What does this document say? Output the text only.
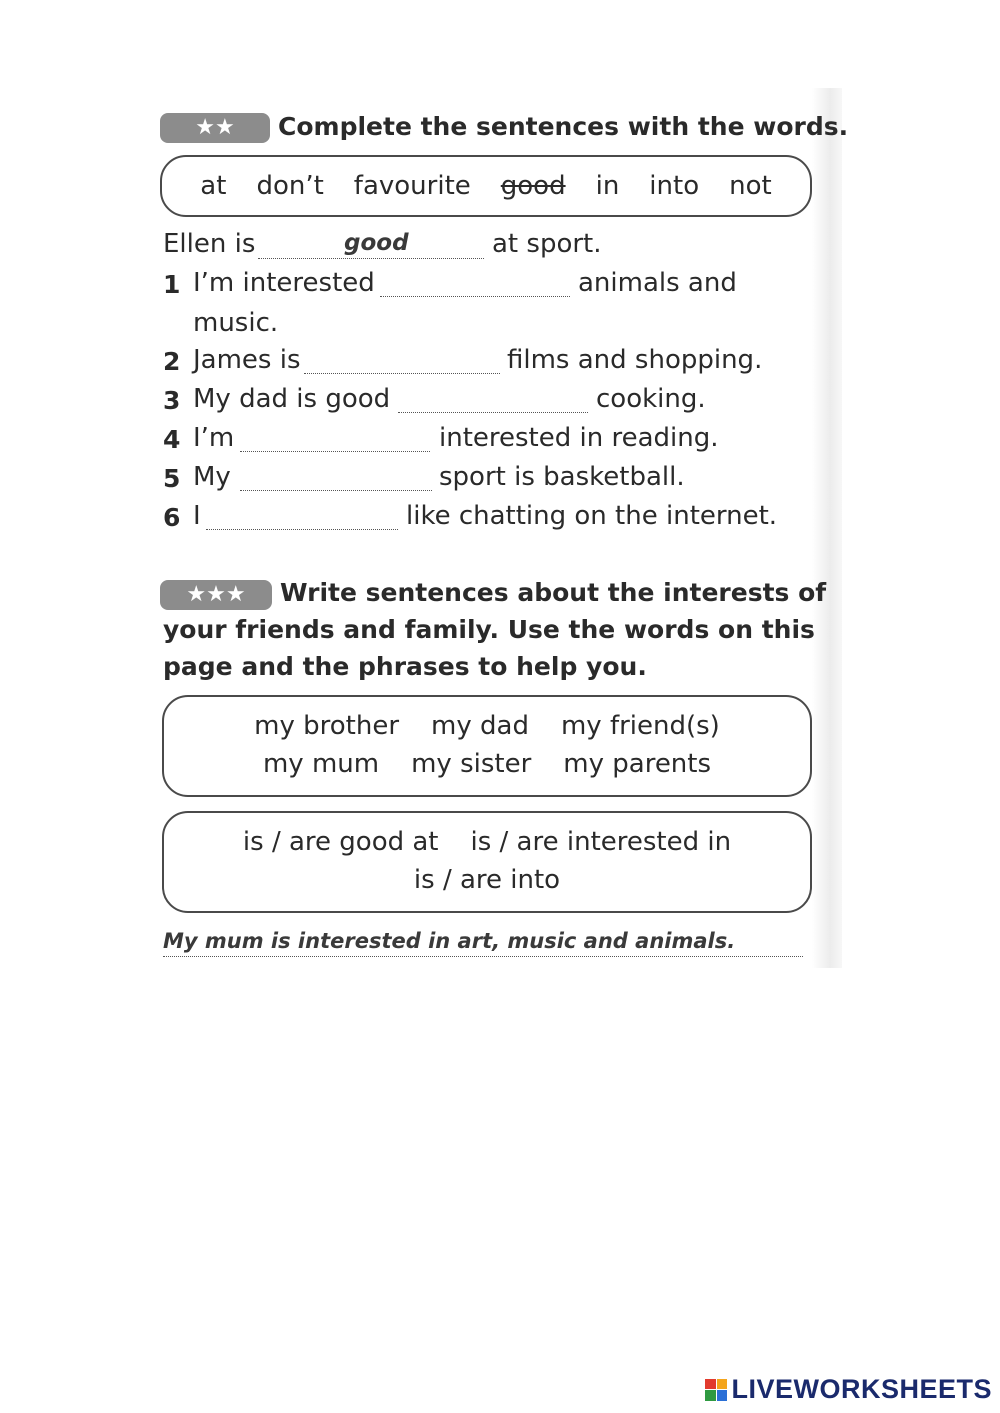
★★ Complete the sentences with the words.
at don’t favourite good in into not
Ellen is	good	at sport.
1 I’m interested	animals and
music.
2 James is	films and shopping.
3 My dad is good	cooking.
4 I’m	interested in reading.
5 My	sport is basketball.
6 I	like chatting on the internet.
★★★ Write sentences about the interests of
your friends and family. Use the words on this
page and the phrases to help you.
my brother my dad my friend(s)
my mum my sister my parents
is / are good at is / are interested in
is / are into
My mum is interested in art, music and animals.
LIVEWORKSHEETS
